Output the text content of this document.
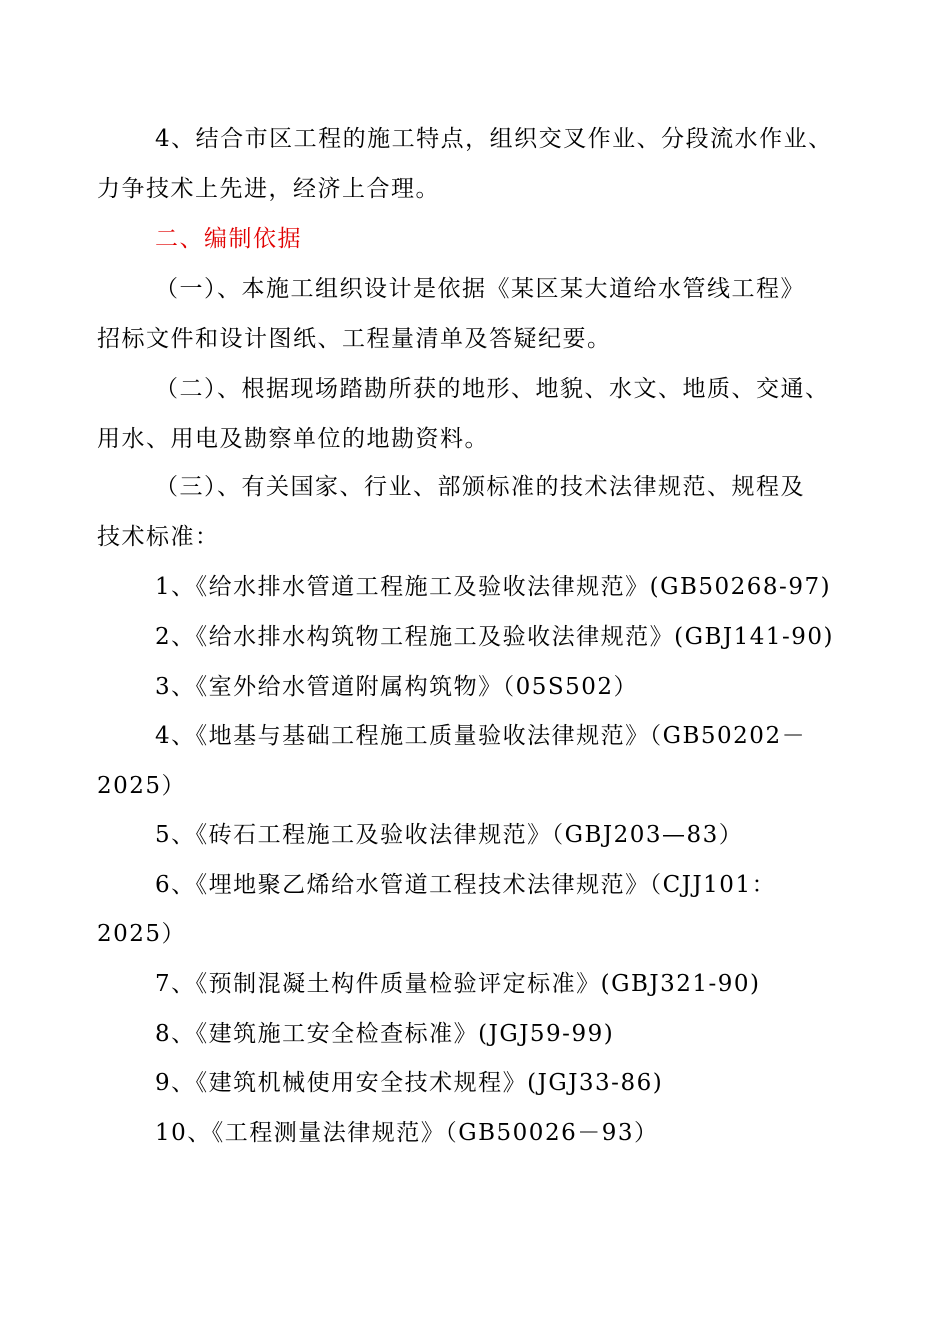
4、结合市区工程的施工特点，组织交叉作业、分段流水作业、
力争技术上先进，经济上合理。
二、编制依据
（一）、本施工组织设计是依据《某区某大道给水管线工程》
招标文件和设计图纸、工程量清单及答疑纪要。
（二）、根据现场踏勘所获的地形、地貌、水文、地质、交通、
用水、用电及勘察单位的地勘资料。
（三）、有关国家、行业、部颁标准的技术法律规范、规程及
技术标准：
1、《给水排水管道工程施工及验收法律规范》(GB50268-97)
2、《给水排水构筑物工程施工及验收法律规范》(GBJ141-90)
3、《室外给水管道附属构筑物》（05S502）
4、《地基与基础工程施工质量验收法律规范》（GB50202－
2025）
5、《砖石工程施工及验收法律规范》（GBJ203—83）
6、《埋地聚乙烯给水管道工程技术法律规范》（CJJ101：
2025）
7、《预制混凝土构件质量检验评定标准》(GBJ321-90)
8、《建筑施工安全检查标准》(JGJ59-99)
9、《建筑机械使用安全技术规程》(JGJ33-86)
10、《工程测量法律规范》（GB50026－93）
